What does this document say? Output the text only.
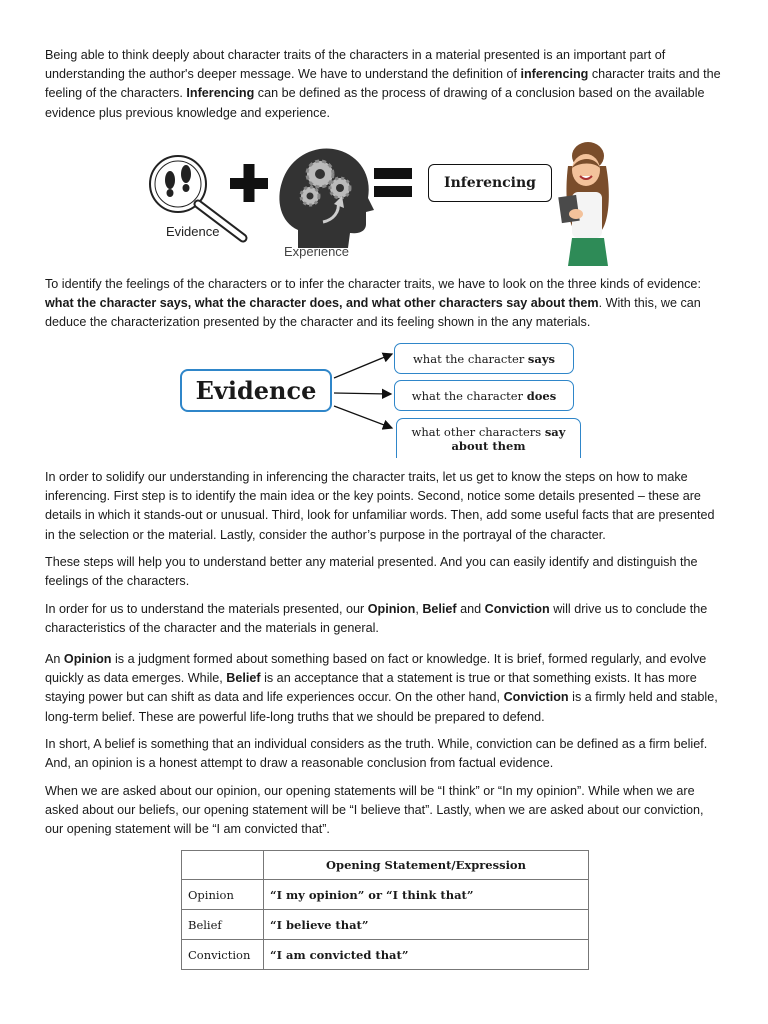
Being able to think deeply about character traits of the characters in a material presented is an important part of understanding the author's deeper message. We have to understand the definition of inferencing character traits and the feeling of the characters. Inferencing can be defined as the process of drawing of a conclusion based on the available evidence plus previous knowledge and experience.

Evidence
Experience
Inferencing

To identify the feelings of the characters or to infer the character traits, we have to look on the three kinds of evidence: what the character says, what the character does, and what other characters say about them. With this, we can deduce the characterization presented by the character and its feeling shown in the any materials.

Evidence
what the character says
what the character does
what other characters say
about them

In order to solidify our understanding in inferencing the character traits, let us get to know the steps on how to make inferencing. First step is to identify the main idea or the key points. Second, notice some details presented – these are details in which it stands-out or unusual. Third, look for unfamiliar words. Then, add some useful facts that are presented in the selection or the material. Lastly, consider the author’s purpose in the portrayal of the character.

These steps will help you to understand better any material presented. And you can easily identify and distinguish the feelings of the characters.

In order for us to understand the materials presented, our Opinion, Belief and Conviction will drive us to conclude the characteristics of the character and the materials in general.

An Opinion is a judgment formed about something based on fact or knowledge. It is brief, formed regularly, and evolve quickly as data emerges. While, Belief is an acceptance that a statement is true or that something exists. It has more staying power but can shift as data and life experiences occur. On the other hand, Conviction is a firmly held and stable, long-term belief. These are powerful life-long truths that we should be prepared to defend.

In short, A belief is something that an individual considers as the truth. While, conviction can be defined as a firm belief. And, an opinion is a honest attempt to draw a reasonable conclusion from factual evidence.

When we are asked about our opinion, our opening statements will be “I think” or “In my opinion”. While when we are asked about our beliefs, our opening statement will be “I believe that”. Lastly, when we are asked about our conviction, our opening statement will be “I am convicted that”.

	Opening Statement/Expression
Opinion	“I my opinion” or “I think that”
Belief	“I believe that”
Conviction	“I am convicted that”
